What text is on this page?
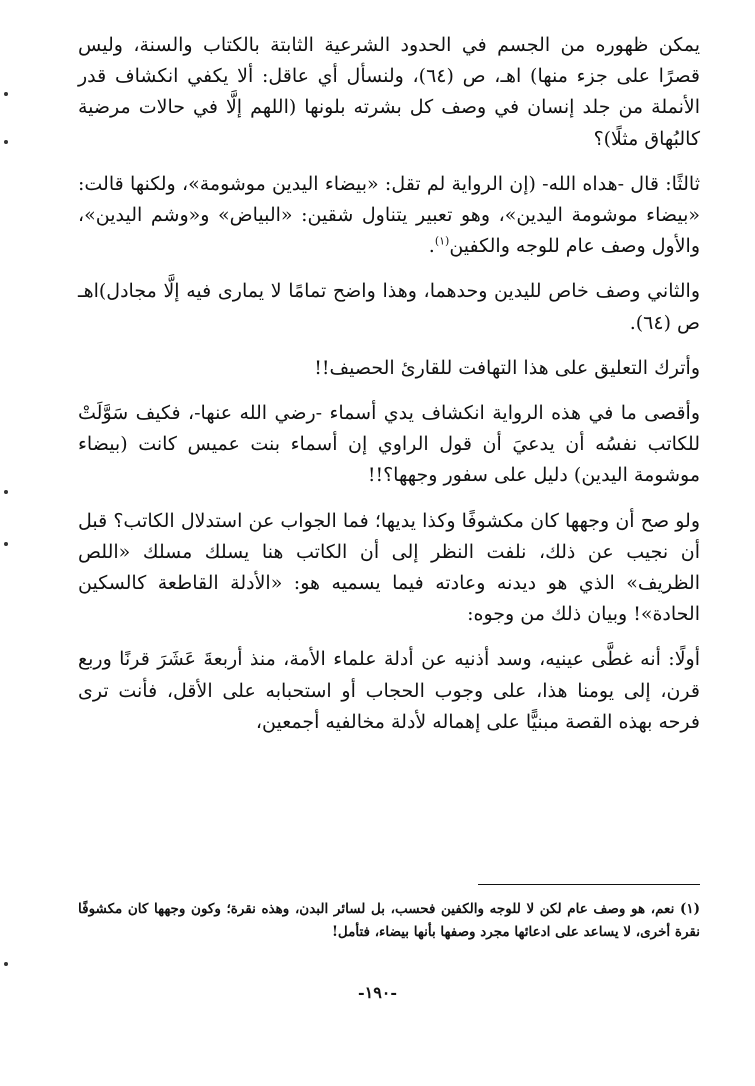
يمكن ظهوره من الجسم في الحدود الشرعية الثابتة بالكتاب والسنة، وليس قصرًا على جزء منها) اهـ، ص (٦٤)، ولنسأل أي عاقل: ألا يكفي انكشاف قدر الأنملة من جلد إنسان في وصف كل بشرته بلونها (اللهم إلَّا في حالات مرضية كالبُهاق مثلًا)؟

ثالثًا: قال -هداه الله- (إن الرواية لم تقل: «بيضاء اليدين موشومة»، ولكنها قالت: «بيضاء موشومة اليدين»، وهو تعبير يتناول شقين: «البياض» و«وشم اليدين»، والأول وصف عام للوجه والكفين$^{(١)}$.

والثاني وصف خاص لليدين وحدهما، وهذا واضح تمامًا لا يمارى فيه إلَّا مجادل)اهـ ص (٦٤).

وأترك التعليق على هذا التهافت للقارئ الحصيف!!

وأقصى ما في هذه الرواية انكشاف يدي أسماء -رضي الله عنها-، فكيف سَوَّلَتْ للكاتب نفسُه أن يدعيَ أن قول الراوي إن أسماء بنت عميس كانت (بيضاء موشومة اليدين) دليل على سفور وجهها؟!!

ولو صح أن وجهها كان مكشوفًا وكذا يديها؛ فما الجواب عن استدلال الكاتب؟ قبل أن نجيب عن ذلك، نلفت النظر إلى أن الكاتب هنا يسلك مسلك «اللص الظريف» الذي هو ديدنه وعادته فيما يسميه هو: «الأدلة القاطعة كالسكين الحادة»! وبيان ذلك من وجوه:

أولًا: أنه غطَّى عينيه، وسد أذنيه عن أدلة علماء الأمة، منذ أربعةَ عَشَرَ قرنًا وربع قرن، إلى يومنا هذا، على وجوب الحجاب أو استحبابه على الأقل، فأنت ترى فرحه بهذه القصة مبنيًّا على إهماله لأدلة مخالفيه أجمعين،

(١) نعم، هو وصف عام لكن لا للوجه والكفين فحسب، بل لسائر البدن، وهذه نقرة؛ وكون وجهها كان مكشوفًا نقرة أخرى، لا يساعد على ادعائها مجرد وصفها بأنها بيضاء، فتأمل!

-١٩٠-
